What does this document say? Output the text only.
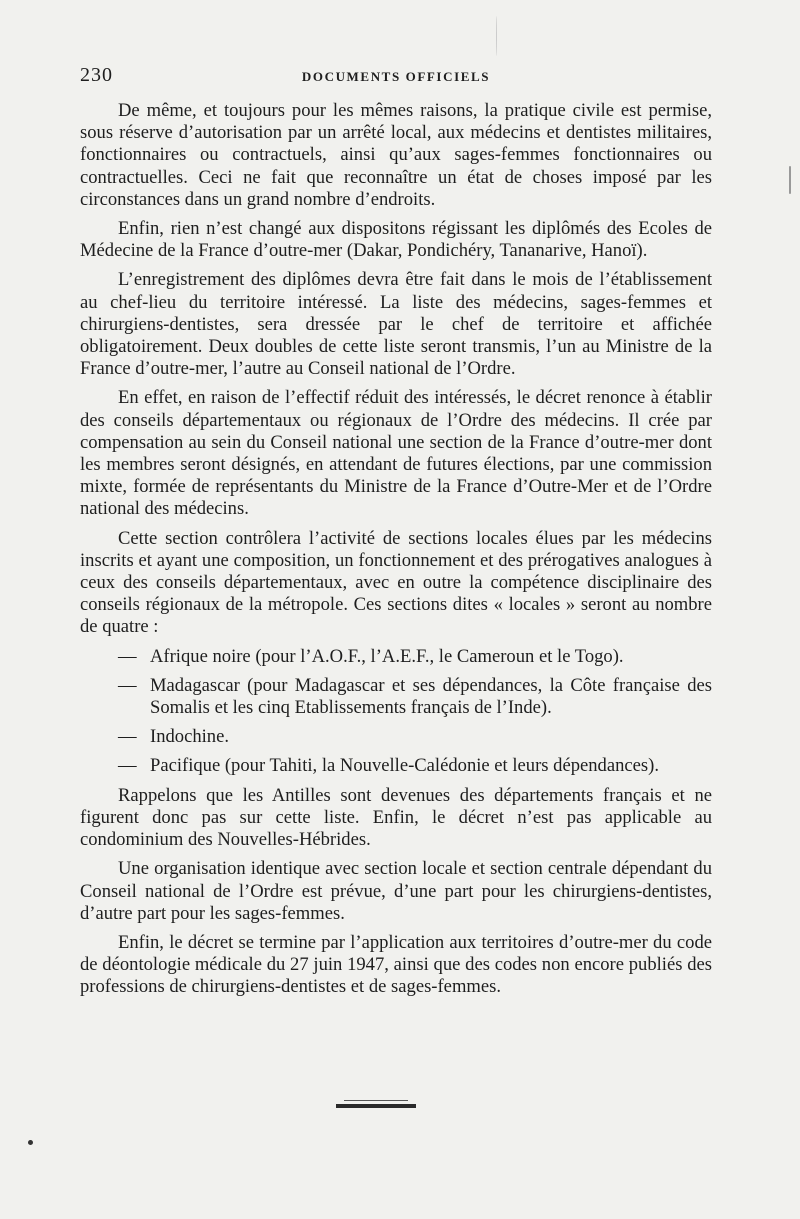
230	DOCUMENTS OFFICIELS

De même, et toujours pour les mêmes raisons, la pratique civile est permise, sous réserve d’autorisation par un arrêté local, aux médecins et dentistes militaires, fonctionnaires ou contractuels, ainsi qu’aux sages-femmes fonctionnaires ou contractuelles. Ceci ne fait que reconnaître un état de choses imposé par les circonstances dans un grand nombre d’endroits.

Enfin, rien n’est changé aux dispositons régissant les diplômés des Ecoles de Médecine de la France d’outre-mer (Dakar, Pondichéry, Tananarive, Hanoï).

L’enregistrement des diplômes devra être fait dans le mois de l’établissement au chef-lieu du territoire intéressé. La liste des médecins, sages-femmes et chirurgiens-dentistes, sera dressée par le chef de territoire et affichée obligatoirement. Deux doubles de cette liste seront transmis, l’un au Ministre de la France d’outre-mer, l’autre au Conseil national de l’Ordre.

En effet, en raison de l’effectif réduit des intéressés, le décret renonce à établir des conseils départementaux ou régionaux de l’Ordre des médecins. Il crée par compensation au sein du Conseil national une section de la France d’outre-mer dont les membres seront désignés, en attendant de futures élections, par une commission mixte, formée de représentants du Ministre de la France d’Outre-Mer et de l’Ordre national des médecins.

Cette section contrôlera l’activité de sections locales élues par les médecins inscrits et ayant une composition, un fonctionnement et des prérogatives analogues à ceux des conseils départementaux, avec en outre la compétence disciplinaire des conseils régionaux de la métropole. Ces sections dites « locales » seront au nombre de quatre :

— Afrique noire (pour l’A.O.F., l’A.E.F., le Cameroun et le Togo).
— Madagascar (pour Madagascar et ses dépendances, la Côte française des Somalis et les cinq Etablissements français de l’Inde).
— Indochine.
— Pacifique (pour Tahiti, la Nouvelle-Calédonie et leurs dépendances).

Rappelons que les Antilles sont devenues des départements français et ne figurent donc pas sur cette liste. Enfin, le décret n’est pas applicable au condominium des Nouvelles-Hébrides.

Une organisation identique avec section locale et section centrale dépendant du Conseil national de l’Ordre est prévue, d’une part pour les chirurgiens-dentistes, d’autre part pour les sages-femmes.

Enfin, le décret se termine par l’application aux territoires d’outre-mer du code de déontologie médicale du 27 juin 1947, ainsi que des codes non encore publiés des professions de chirurgiens-dentistes et de sages-femmes.
